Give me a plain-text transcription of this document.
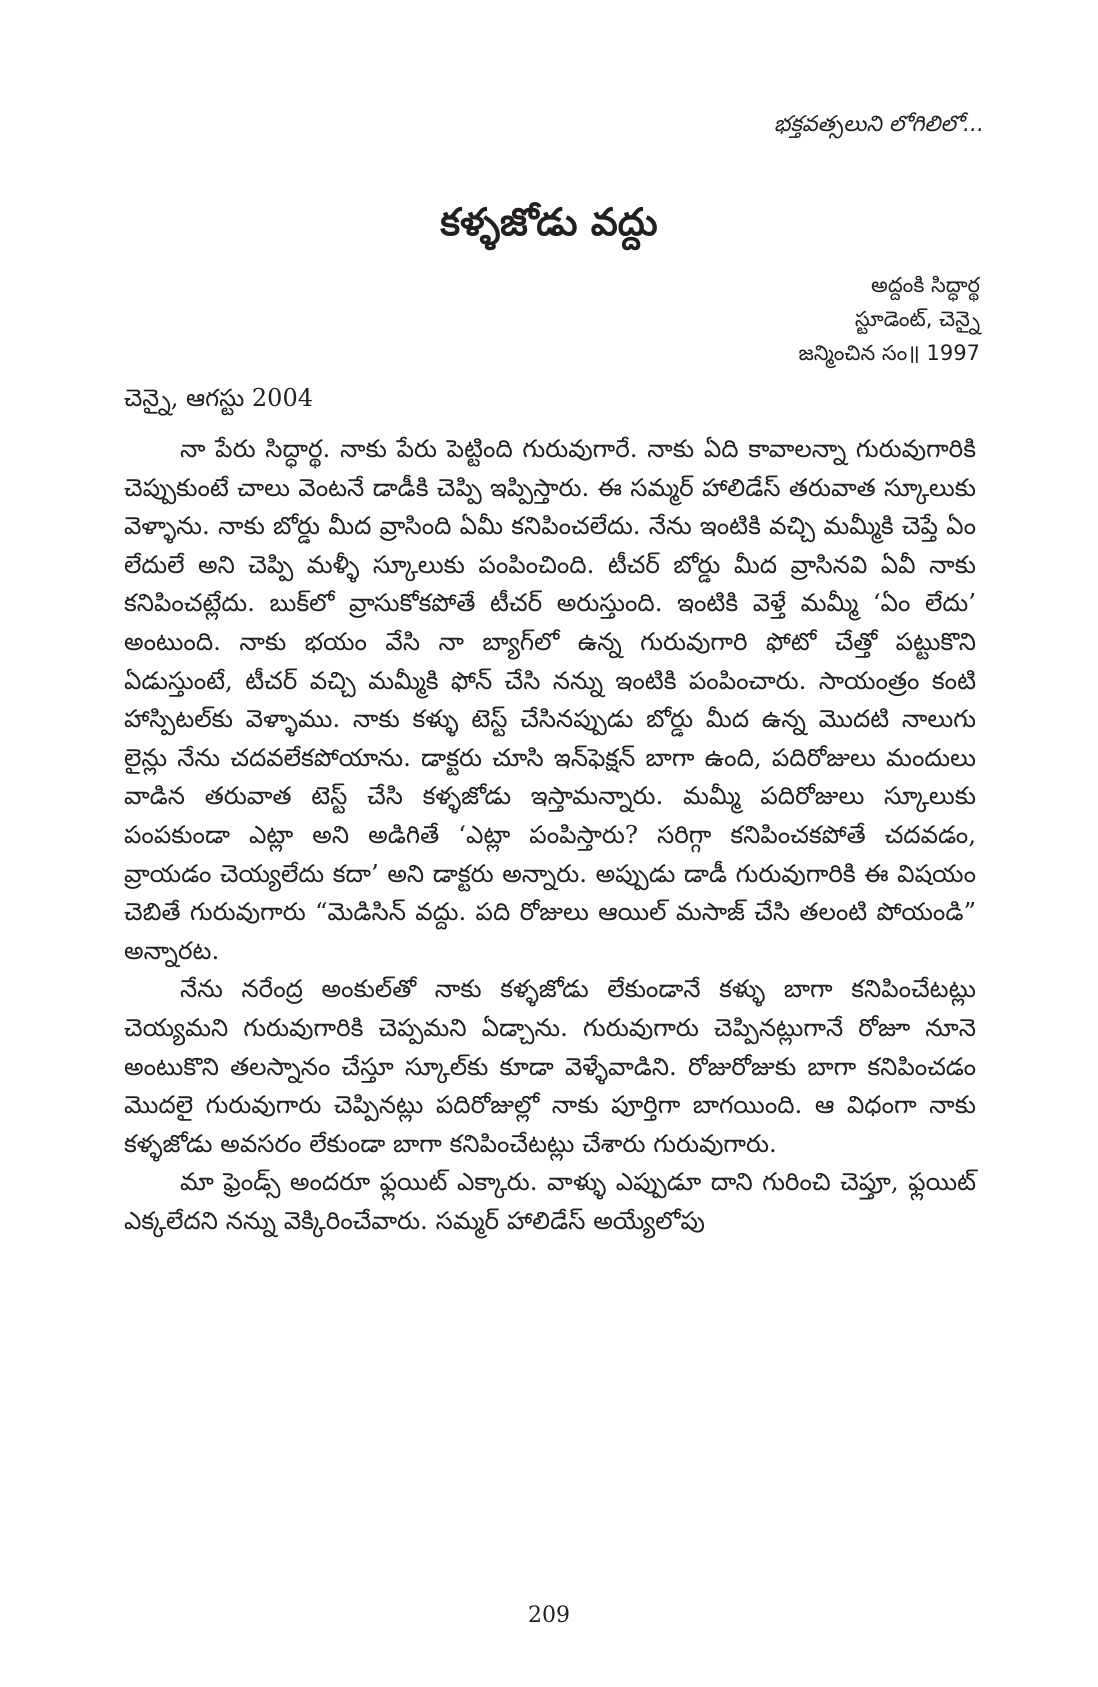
భక్తవత్సలుని లోగిలిలో...
కళ్ళజోడు వద్దు
అద్దంకి సిద్ధార్థ
స్టూడెంట్, చెన్నై
జన్మించిన సం॥ 1997
చెన్నై, ఆగస్టు 2004

నా పేరు సిద్ధార్థ. నాకు పేరు పెట్టింది గురువుగారే. నాకు ఏది కావాలన్నా గురువుగారికి చెప్పుకుంటే చాలు వెంటనే డాడీకి చెప్పి ఇప్పిస్తారు. ఈ సమ్మర్ హాలిడేస్ తరువాత స్కూలుకు వెళ్ళాను. నాకు బోర్డు మీద వ్రాసింది ఏమీ కనిపించలేదు. నేను ఇంటికి వచ్చి మమ్మీకి చెప్తే ఏం లేదులే అని చెప్పి మళ్ళీ స్కూలుకు పంపించింది. టీచర్ బోర్డు మీద వ్రాసినవి ఏవీ నాకు కనిపించట్లేదు. బుక్‌లో వ్రాసుకోకపోతే టీచర్ అరుస్తుంది. ఇంటికి వెళ్తే మమ్మీ ‘ఏం లేదు’ అంటుంది. నాకు భయం వేసి నా బ్యాగ్‌లో ఉన్న గురువుగారి ఫోటో చేత్తో పట్టుకొని ఏడుస్తుంటే, టీచర్ వచ్చి మమ్మీకి ఫోన్ చేసి నన్ను ఇంటికి పంపించారు. సాయంత్రం కంటి హాస్పిటల్‌కు వెళ్ళాము. నాకు కళ్ళు టెస్ట్ చేసినప్పుడు బోర్డు మీద ఉన్న మొదటి నాలుగు లైన్లు నేను చదవలేకపోయాను. డాక్టరు చూసి ఇన్‌ఫెక్షన్ బాగా ఉంది, పదిరోజులు మందులు వాడిన తరువాత టెస్ట్ చేసి కళ్ళజోడు ఇస్తామన్నారు. మమ్మీ పదిరోజులు స్కూలుకు పంపకుండా ఎట్లా అని అడిగితే ‘ఎట్లా పంపిస్తారు? సరిగ్గా కనిపించకపోతే చదవడం, వ్రాయడం చెయ్యలేదు కదా’ అని డాక్టరు అన్నారు. అప్పుడు డాడీ గురువుగారికి ఈ విషయం చెబితే గురువుగారు “మెడిసిన్ వద్దు. పది రోజులు ఆయిల్ మసాజ్ చేసి తలంటి పోయండి” అన్నారట.

నేను నరేంద్ర అంకుల్‌తో నాకు కళ్ళజోడు లేకుండానే కళ్ళు బాగా కనిపించేటట్లు చెయ్యమని గురువుగారికి చెప్పమని ఏడ్చాను. గురువుగారు చెప్పినట్లుగానే రోజూ నూనె అంటుకొని తలస్నానం చేస్తూ స్కూల్‌కు కూడా వెళ్ళేవాడిని. రోజురోజుకు బాగా కనిపించడం మొదలై గురువుగారు చెప్పినట్లు పదిరోజుల్లో నాకు పూర్తిగా బాగయింది. ఆ విధంగా నాకు కళ్ళజోడు అవసరం లేకుండా బాగా కనిపించేటట్లు చేశారు గురువుగారు.

మా ఫ్రెండ్స్ అందరూ ఫ్లయిట్ ఎక్కారు. వాళ్ళు ఎప్పుడూ దాని గురించి చెప్తూ, ఫ్లయిట్ ఎక్కలేదని నన్ను వెక్కిరించేవారు. సమ్మర్ హాలిడేస్ అయ్యేలోపు

209
